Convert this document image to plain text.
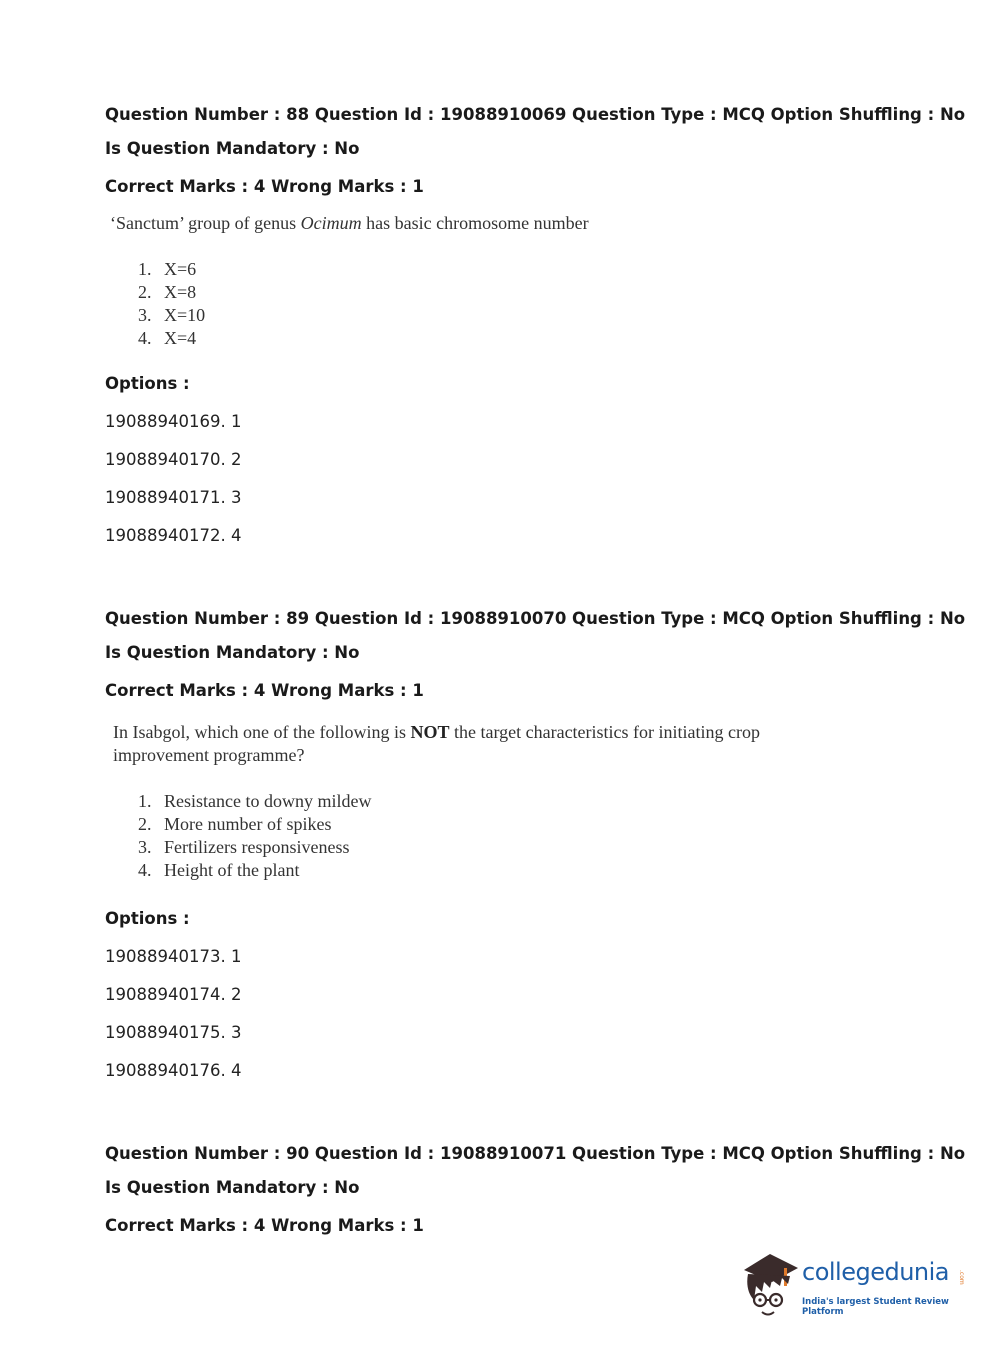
Question Number : 88 Question Id : 19088910069 Question Type : MCQ Option Shuffling : No
Is Question Mandatory : No
Correct Marks : 4 Wrong Marks : 1
‘Sanctum’ group of genus Ocimum has basic chromosome number
1. X=6
2. X=8
3. X=10
4. X=4
Options :
19088940169. 1
19088940170. 2
19088940171. 3
19088940172. 4
Question Number : 89 Question Id : 19088910070 Question Type : MCQ Option Shuffling : No
Is Question Mandatory : No
Correct Marks : 4 Wrong Marks : 1
In Isabgol, which one of the following is NOT the target characteristics for initiating crop
improvement programme?
1. Resistance to downy mildew
2. More number of spikes
3. Fertilizers responsiveness
4. Height of the plant
Options :
19088940173. 1
19088940174. 2
19088940175. 3
19088940176. 4
Question Number : 90 Question Id : 19088910071 Question Type : MCQ Option Shuffling : No
Is Question Mandatory : No
Correct Marks : 4 Wrong Marks : 1
collegedunia .com
India's largest Student Review Platform
